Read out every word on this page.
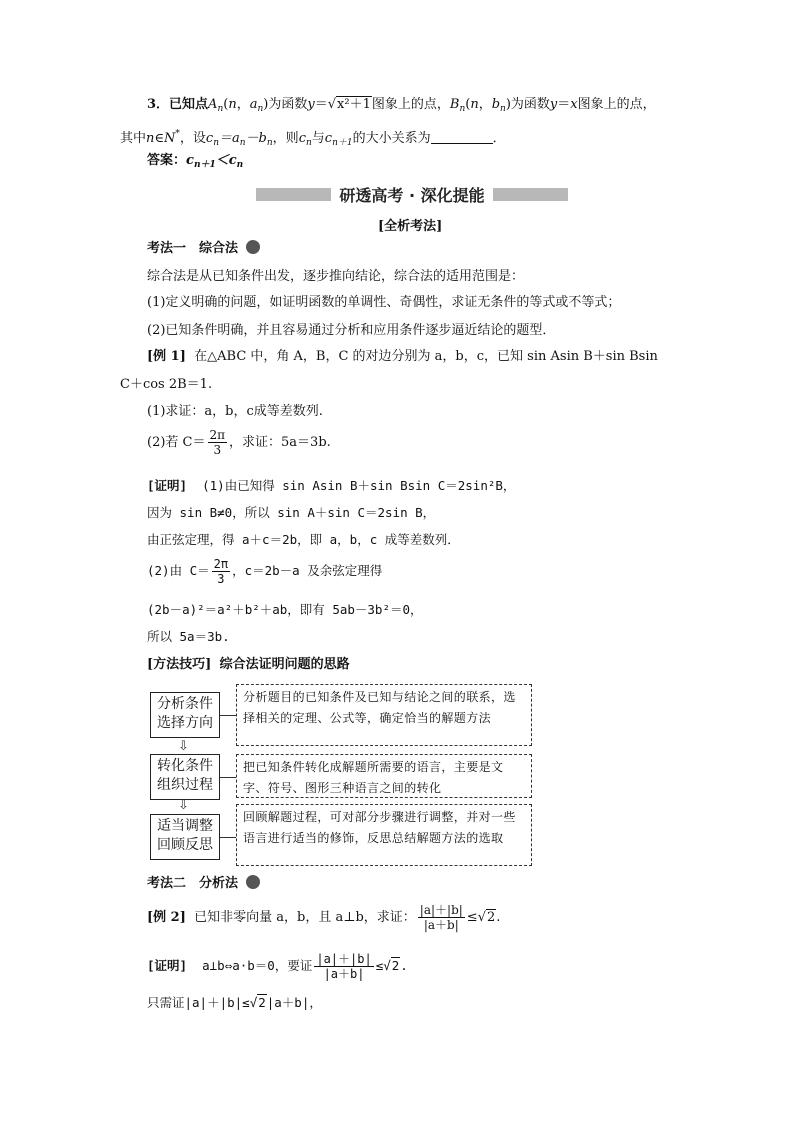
3．已知点$A_n(n$，$a_n$)为函数y＝√x²＋1图象上的点，$B_n(n$，$b_n$)为函数y＝x图象上的点，
其中n∈N*，设$c_n=a_n-b_n$，则$c_n$与$c_{n+1}$的大小关系为	．
答案：$c_{n+1}<c_n$
研透高考 · 深化提能
[全析考法]
考法一　综合法
综合法是从已知条件出发，逐步推向结论，综合法的适用范围是：
(1)定义明确的问题，如证明函数的单调性、奇偶性，求证无条件的等式或不等式；
(2)已知条件明确，并且容易通过分析和应用条件逐步逼近结论的题型．
[例 1] 在△ABC 中，角 A，B，C 的对边分别为 a，b，c，已知 sin Asin B＋sin Bsin
C＋cos 2B＝1.
(1)求证：a，b，c成等差数列.
(2)若 $C= \frac{2\pi}{3}$ ，求证：5a＝3b.
[证明] (1)由已知得 sin Asin B＋sin Bsin C＝2sin²B，
因为 sin B≠0，所以 sin A＋sin C＝2sin B，
由正弦定理，得 a＋c＝2b，即 a，b，c 成等差数列．
(2)由 $C= \frac{2\pi}{3}$ ，c＝2b－a 及余弦定理得
(2b－a)²＝a²＋b²＋ab，即有 5ab－3b²＝0，
所以 5a＝3b.
[方法技巧] 综合法证明问题的思路
分析条件
选择方向
分析题目的已知条件及已知与结论之间的联系，选择相关的定理、公式等，确定恰当的解题方法
⇩
转化条件
组织过程
把已知条件转化成解题所需要的语言，主要是文字、符号、图形三种语言之间的转化
⇩
适当调整
回顾反思
回顾解题过程，可对部分步骤进行调整，并对一些语言进行适当的修饰，反思总结解题方法的选取
考法二　分析法
[例 2] 已知非零向量 a，b，且 a⊥b，求证： $\frac{|a|+|b|}{|a+b|} \le√2$.
[证明] a⊥b⇔a·b＝0，要证 $\frac{|a|+|b|}{|a+b|} \le√2$.
只需证|a|＋|b|≤√2|a＋b|，
